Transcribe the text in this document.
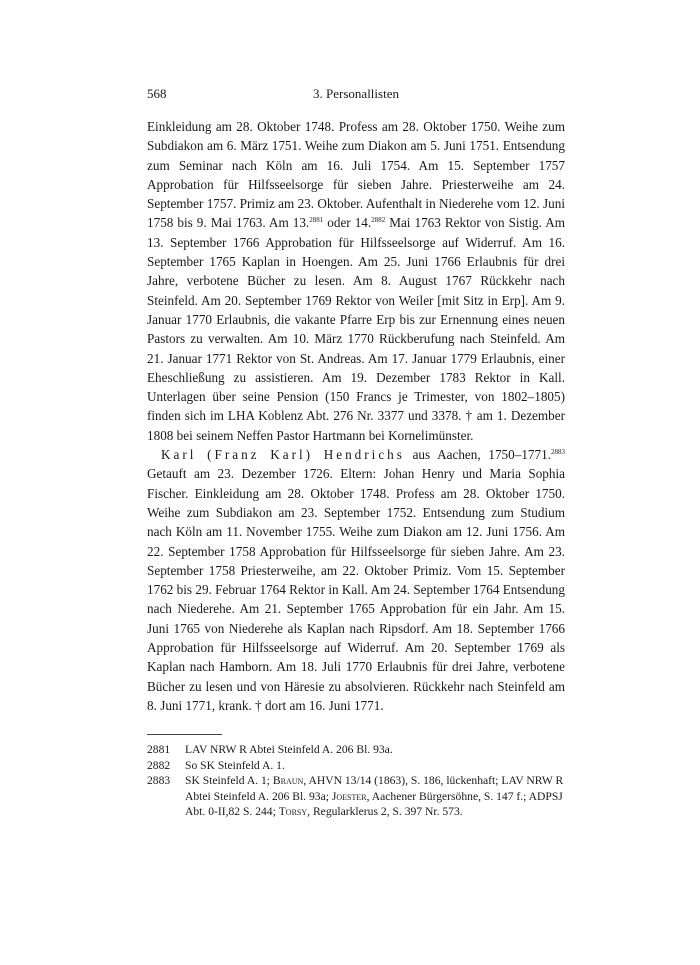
568	3. Personallisten

Einkleidung am 28. Oktober 1748. Profess am 28. Oktober 1750. Weihe zum Subdiakon am 6. März 1751. Weihe zum Diakon am 5. Juni 1751. Entsendung zum Seminar nach Köln am 16. Juli 1754. Am 15. September 1757 Approbation für Hilfsseelsorge für sieben Jahre. Priesterweihe am 24. September 1757. Primiz am 23. Oktober. Aufenthalt in Niederehe vom 12. Juni 1758 bis 9. Mai 1763. Am 13.$^{2881}$ oder 14.$^{2882}$ Mai 1763 Rektor von Sistig. Am 13. September 1766 Approbation für Hilfsseelsorge auf Widerruf. Am 16. September 1765 Kaplan in Hoengen. Am 25. Juni 1766 Erlaubnis für drei Jahre, verbotene Bücher zu lesen. Am 8. August 1767 Rückkehr nach Steinfeld. Am 20. September 1769 Rektor von Weiler [mit Sitz in Erp]. Am 9. Januar 1770 Erlaubnis, die vakante Pfarre Erp bis zur Ernennung eines neuen Pastors zu verwalten. Am 10. März 1770 Rückberufung nach Steinfeld. Am 21. Januar 1771 Rektor von St. Andreas. Am 17. Januar 1779 Erlaubnis, einer Eheschließung zu assistieren. Am 19. Dezember 1783 Rektor in Kall. Unterlagen über seine Pension (150 Francs je Trimester, von 1802–1805) finden sich im LHA Koblenz Abt. 276 Nr. 3377 und 3378. † am 1. Dezember 1808 bei seinem Neffen Pastor Hartmann bei Kornelimünster.

Karl (Franz Karl) Hendrichs aus Aachen, 1750–1771.$^{2883}$ Getauft am 23. Dezember 1726. Eltern: Johan Henry und Maria Sophia Fischer. Einkleidung am 28. Oktober 1748. Profess am 28. Oktober 1750. Weihe zum Subdiakon am 23. September 1752. Entsendung zum Studium nach Köln am 11. November 1755. Weihe zum Diakon am 12. Juni 1756. Am 22. September 1758 Approbation für Hilfsseelsorge für sieben Jahre. Am 23. September 1758 Priesterweihe, am 22. Oktober Primiz. Vom 15. September 1762 bis 29. Februar 1764 Rektor in Kall. Am 24. September 1764 Entsendung nach Niederehe. Am 21. September 1765 Approbation für ein Jahr. Am 15. Juni 1765 von Niederehe als Kaplan nach Ripsdorf. Am 18. September 1766 Approbation für Hilfsseelsorge auf Widerruf. Am 20. September 1769 als Kaplan nach Hamborn. Am 18. Juli 1770 Erlaubnis für drei Jahre, verbotene Bücher zu lesen und von Häresie zu absolvieren. Rückkehr nach Steinfeld am 8. Juni 1771, krank. † dort am 16. Juni 1771.

2881 LAV NRW R Abtei Steinfeld A. 206 Bl. 93a.
2882 So SK Steinfeld A. 1.
2883 SK Steinfeld A. 1; Braun, AHVN 13/14 (1863), S. 186, lückenhaft; LAV NRW R Abtei Steinfeld A. 206 Bl. 93a; Joester, Aachener Bürgersöhne, S. 147 f.; ADPSJ Abt. 0-II,82 S. 244; Torsy, Regularklerus 2, S. 397 Nr. 573.
